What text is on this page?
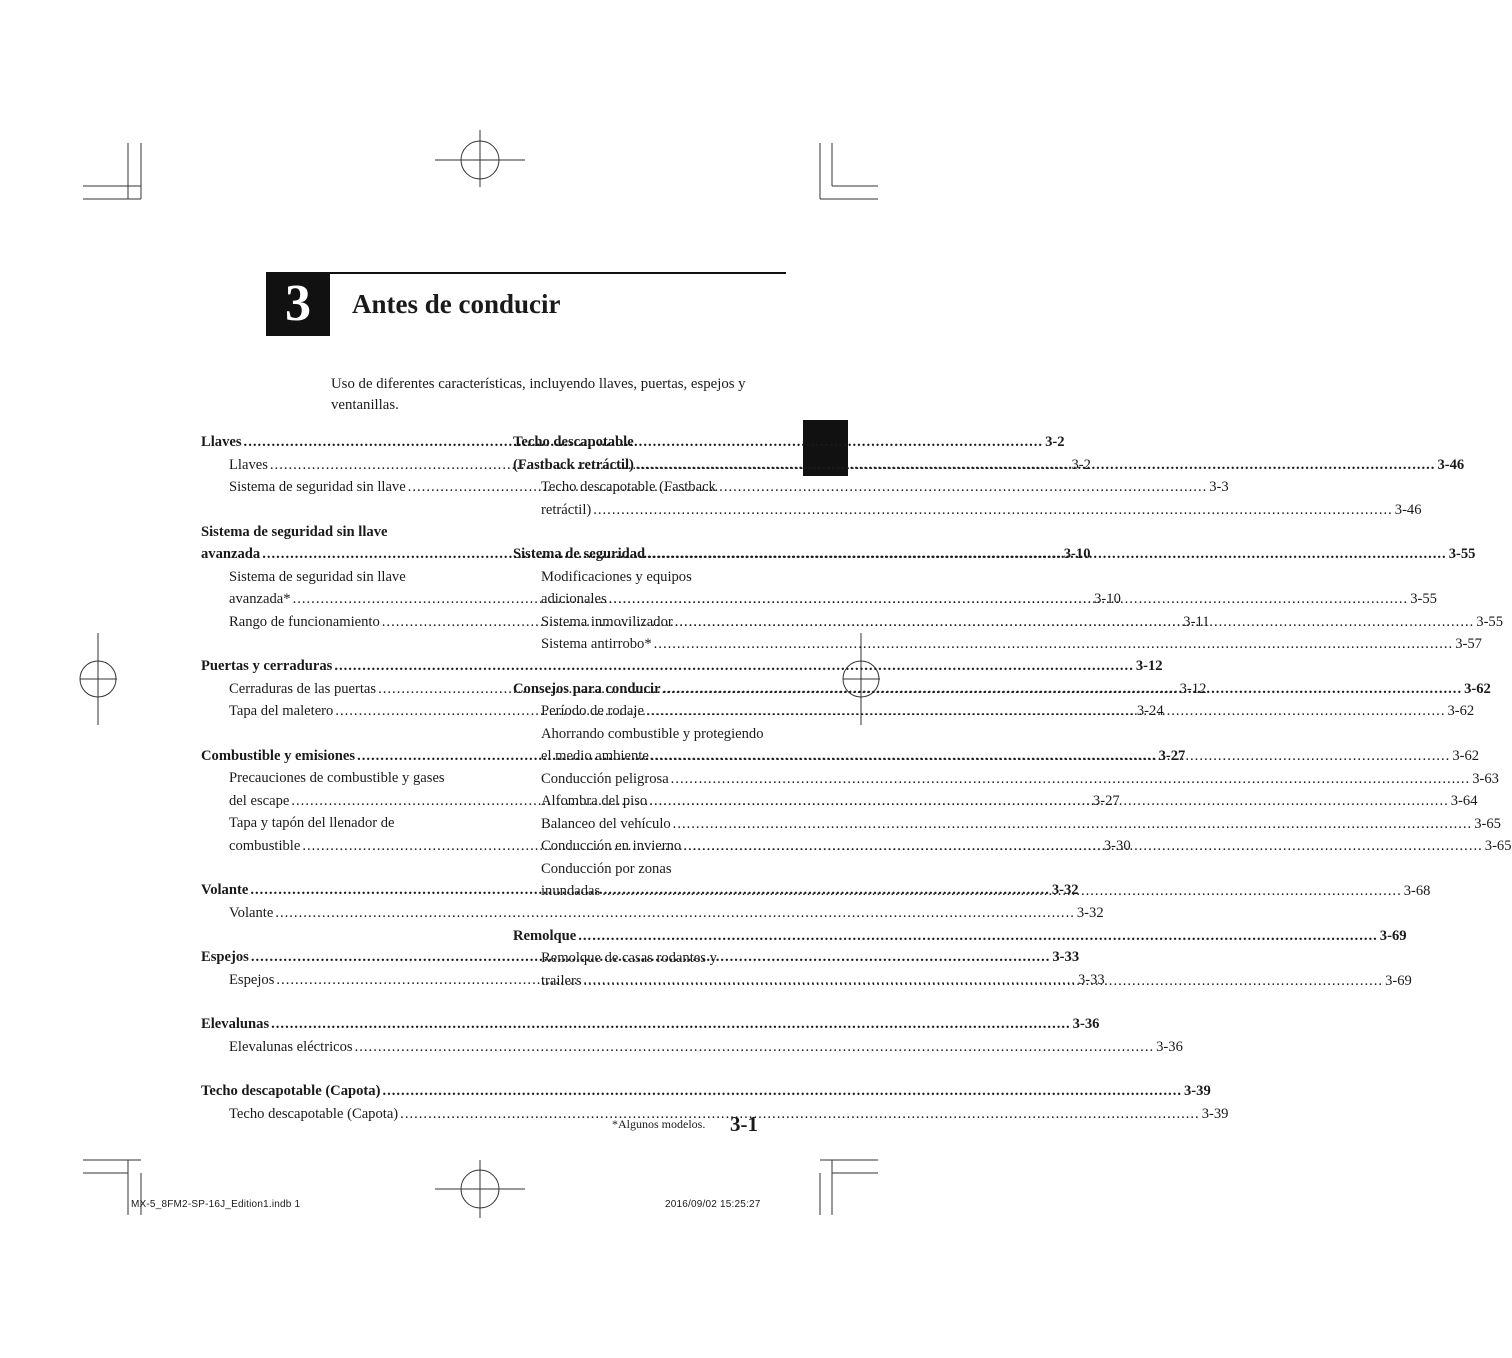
3	Antes de conducir
Uso de diferentes características, incluyendo llaves, puertas, espejos y ventanillas.
Llaves .....	3-2
Llaves .....	3-2
Sistema de seguridad sin llave .....	3-3
Sistema de seguridad sin llave
avanzada .....	3-10
Sistema de seguridad sin llave
avanzada* .....	3-10
Rango de funcionamiento .....	3-11
Puertas y cerraduras .....	3-12
Cerraduras de las puertas .....	3-12
Tapa del maletero .....	3-24
Combustible y emisiones .....	3-27
Precauciones de combustible y gases
del escape .....	3-27
Tapa y tapón del llenador de
combustible .....	3-30
Volante .....	3-32
Volante .....	3-32
Espejos .....	3-33
Espejos .....	3-33
Elevalunas .....	3-36
Elevalunas eléctricos .....	3-36
Techo descapotable (Capota) .....	3-39
Techo descapotable (Capota) .....	3-39
Techo descapotable
(Fastback retráctil) .....	3-46
Techo descapotable (Fastback
retráctil) .....	3-46
Sistema de seguridad .....	3-55
Modificaciones y equipos
adicionales .....	3-55
Sistema inmovilizador .....	3-55
Sistema antirrobo* .....	3-57
Consejos para conducir .....	3-62
Período de rodaje .....	3-62
Ahorrando combustible y protegiendo
el medio ambiente .....	3-62
Conducción peligrosa .....	3-63
Alfombra del piso .....	3-64
Balanceo del vehículo .....	3-65
Conducción en invierno .....	3-65
Conducción por zonas
inundadas .....	3-68
Remolque .....	3-69
Remolque de casas rodantes y
trailers .....	3-69
*Algunos modelos. 3-1
MX-5_8FM2-SP-16J_Edition1.indb 1	2016/09/02 15:25:27
